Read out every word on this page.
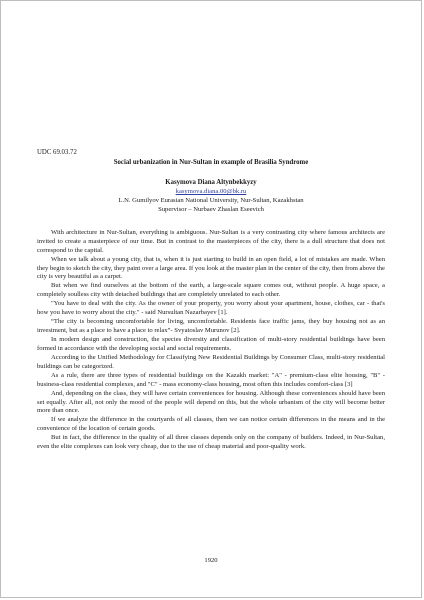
UDC 69.03.72

Social urbanization in Nur-Sultan in example of Brasilia Syndrome

Kasymova Diana Altynbekkyzy

kasymova.diana.00@bk.ru

L.N. Gumilyov Eurasian National University, Nur-Sultan, Kazakhstan

Supervisor – Nurbaev Zhaslan Eseevich

With architecture in Nur-Sultan, everything is ambiguous. Nur-Sultan is a very contrasting city where famous architects are invited to create a masterpiece of our time. But in contrast to the masterpieces of the city, there is a dull structure that does not correspond to the capital.

When we talk about a young city, that is, when it is just starting to build in an open field, a lot of mistakes are made. When they begin to sketch the city, they paint over a large area. If you look at the master plan in the center of the city, then from above the city is very beautiful as a carpet.

But when we find ourselves at the bottom of the earth, a large-scale square comes out, without people. A huge space, a completely soulless city with detached buildings that are completely unrelated to each other.

"You have to deal with the city. As the owner of your property, you worry about your apartment, house, clothes, car - that's how you have to worry about the city." - said Nursultan Nazarbayev [1].

“The city is becoming uncomfortable for living, uncomfortable. Residents face traffic jams, they buy housing not as an investment, but as a place to have a place to relax”- Svyatoslav Murunov [2].

In modern design and construction, the species diversity and classification of multi-story residential buildings have been formed in accordance with the developing social and social requirements.

According to the Unified Methodology for Classifying New Residential Buildings by Consumer Class, multi-story residential buildings can be categorized.

As a rule, there are three types of residential buildings on the Kazakh market: "A" - premium-class elite housing, "B" - business-class residential complexes, and "C" - mass economy-class housing, most often this includes comfort-class [3]

And, depending on the class, they will have certain conveniences for housing. Although these conveniences should have been set equally. After all, not only the mood of the people will depend on this, but the whole urbanism of the city will become better more than once.

If we analyze the difference in the courtyards of all classes, then we can notice certain differences in the means and in the convenience of the location of certain goods.

But in fact, the difference in the quality of all three classes depends only on the company of builders. Indeed, in Nur-Sultan, even the elite complexes can look very cheap, due to the use of cheap material and poor-quality work.

1920
